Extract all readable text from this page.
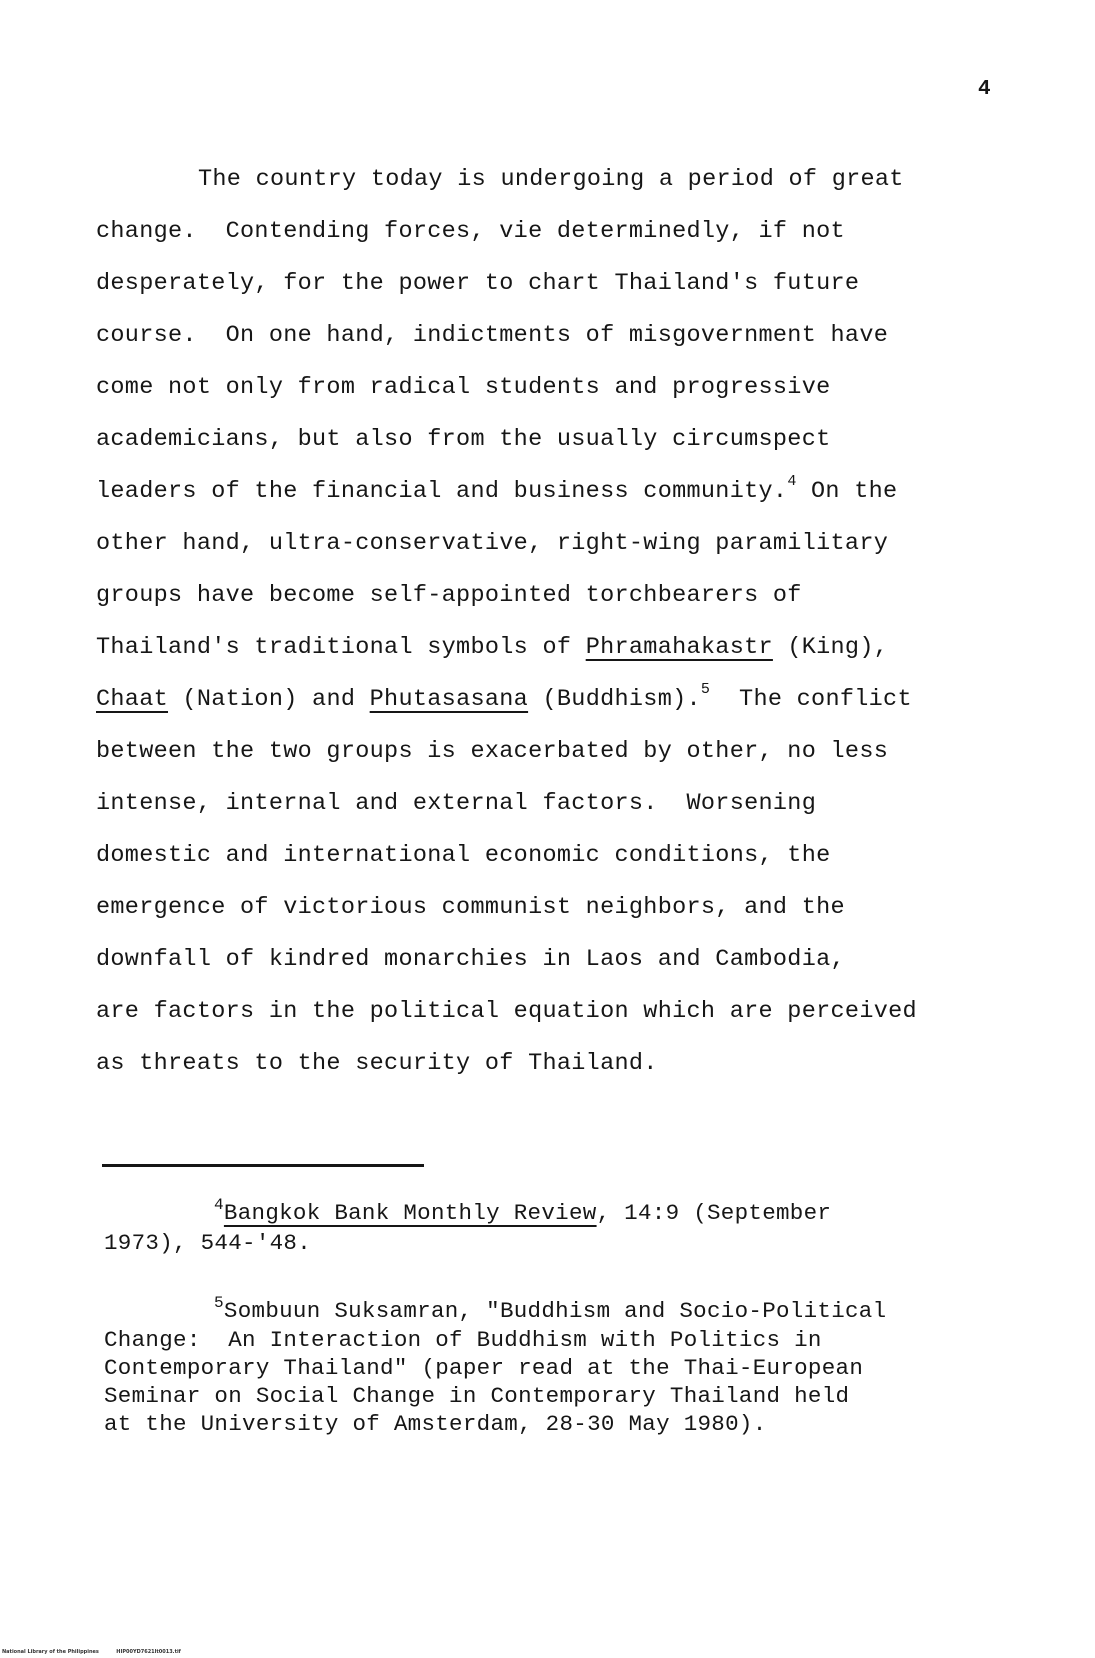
4
The country today is undergoing a period of great
change.  Contending forces, vie determinedly, if not
desperately, for the power to chart Thailand's future
course.  On one hand, indictments of misgovernment have
come not only from radical students and progressive
academicians, but also from the usually circumspect
leaders of the financial and business community.$^4$ On the
other hand, ultra-conservative, right-wing paramilitary
groups have become self-appointed torchbearers of
Thailand's traditional symbols of Phramahakastr (King),
Chaat (Nation) and Phutasasana (Buddhism).$^5$  The conflict
between the two groups is exacerbated by other, no less
intense, internal and external factors.  Worsening
domestic and international economic conditions, the
emergence of victorious communist neighbors, and the
downfall of kindred monarchies in Laos and Cambodia,
are factors in the political equation which are perceived
as threats to the security of Thailand.
$^4$Bangkok Bank Monthly Review, 14:9 (September
1973), 544-'48.
$^5$Sombuun Suksamran, "Buddhism and Socio-Political
Change:  An Interaction of Buddhism with Politics in
Contemporary Thailand" (paper read at the Thai-European
Seminar on Social Change in Contemporary Thailand held
at the University of Amsterdam, 28-30 May 1980).
National Library of the Philippines	HIP00YD7621lt0013.tif
